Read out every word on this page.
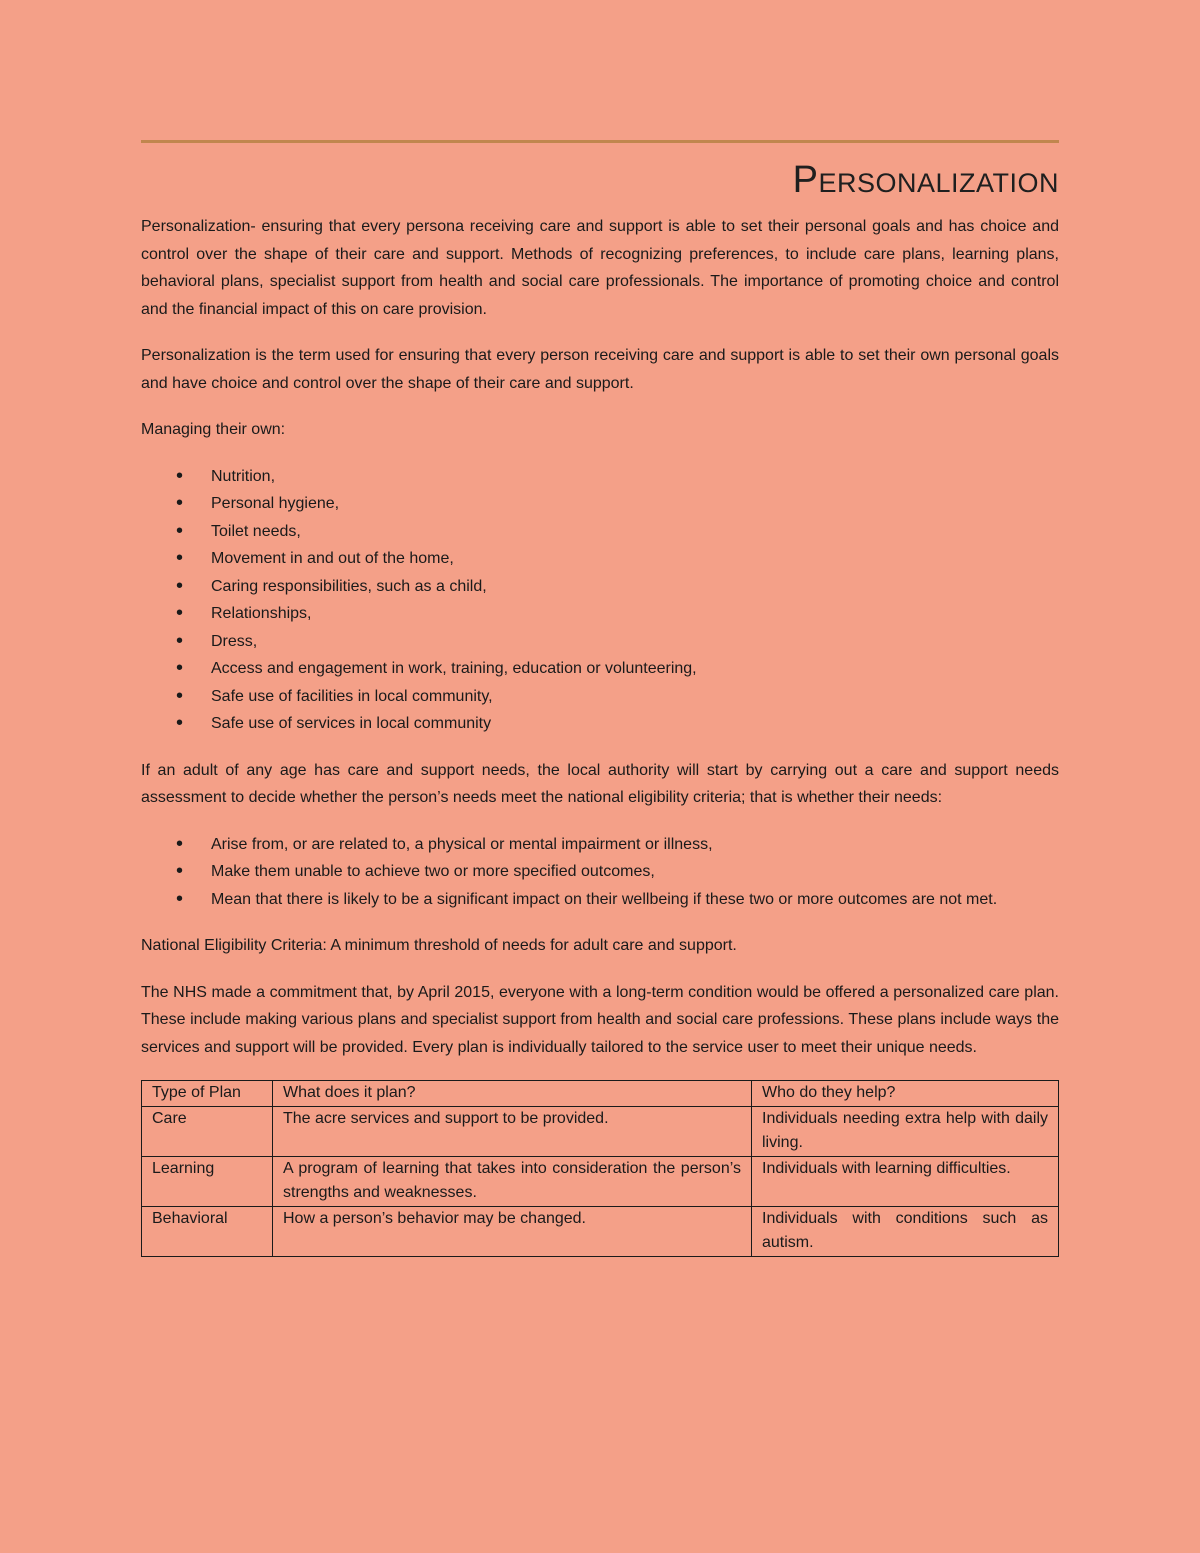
Personalization

Personalization- ensuring that every persona receiving care and support is able to set their personal goals and has choice and control over the shape of their care and support. Methods of recognizing preferences, to include care plans, learning plans, behavioral plans, specialist support from health and social care professionals. The importance of promoting choice and control and the financial impact of this on care provision.

Personalization is the term used for ensuring that every person receiving care and support is able to set their own personal goals and have choice and control over the shape of their care and support.

Managing their own:

• Nutrition,
• Personal hygiene,
• Toilet needs,
• Movement in and out of the home,
• Caring responsibilities, such as a child,
• Relationships,
• Dress,
• Access and engagement in work, training, education or volunteering,
• Safe use of facilities in local community,
• Safe use of services in local community

If an adult of any age has care and support needs, the local authority will start by carrying out a care and support needs assessment to decide whether the person’s needs meet the national eligibility criteria; that is whether their needs:

• Arise from, or are related to, a physical or mental impairment or illness,
• Make them unable to achieve two or more specified outcomes,
• Mean that there is likely to be a significant impact on their wellbeing if these two or more outcomes are not met.

National Eligibility Criteria: A minimum threshold of needs for adult care and support.

The NHS made a commitment that, by April 2015, everyone with a long-term condition would be offered a personalized care plan. These include making various plans and specialist support from health and social care professions. These plans include ways the services and support will be provided. Every plan is individually tailored to the service user to meet their unique needs.

Type of Plan	What does it plan?	Who do they help?
Care	The acre services and support to be provided.	Individuals needing extra help with daily living.
Learning	A program of learning that takes into consideration the person’s strengths and weaknesses.	Individuals with learning difficulties.
Behavioral	How a person’s behavior may be changed.	Individuals with conditions such as autism.
